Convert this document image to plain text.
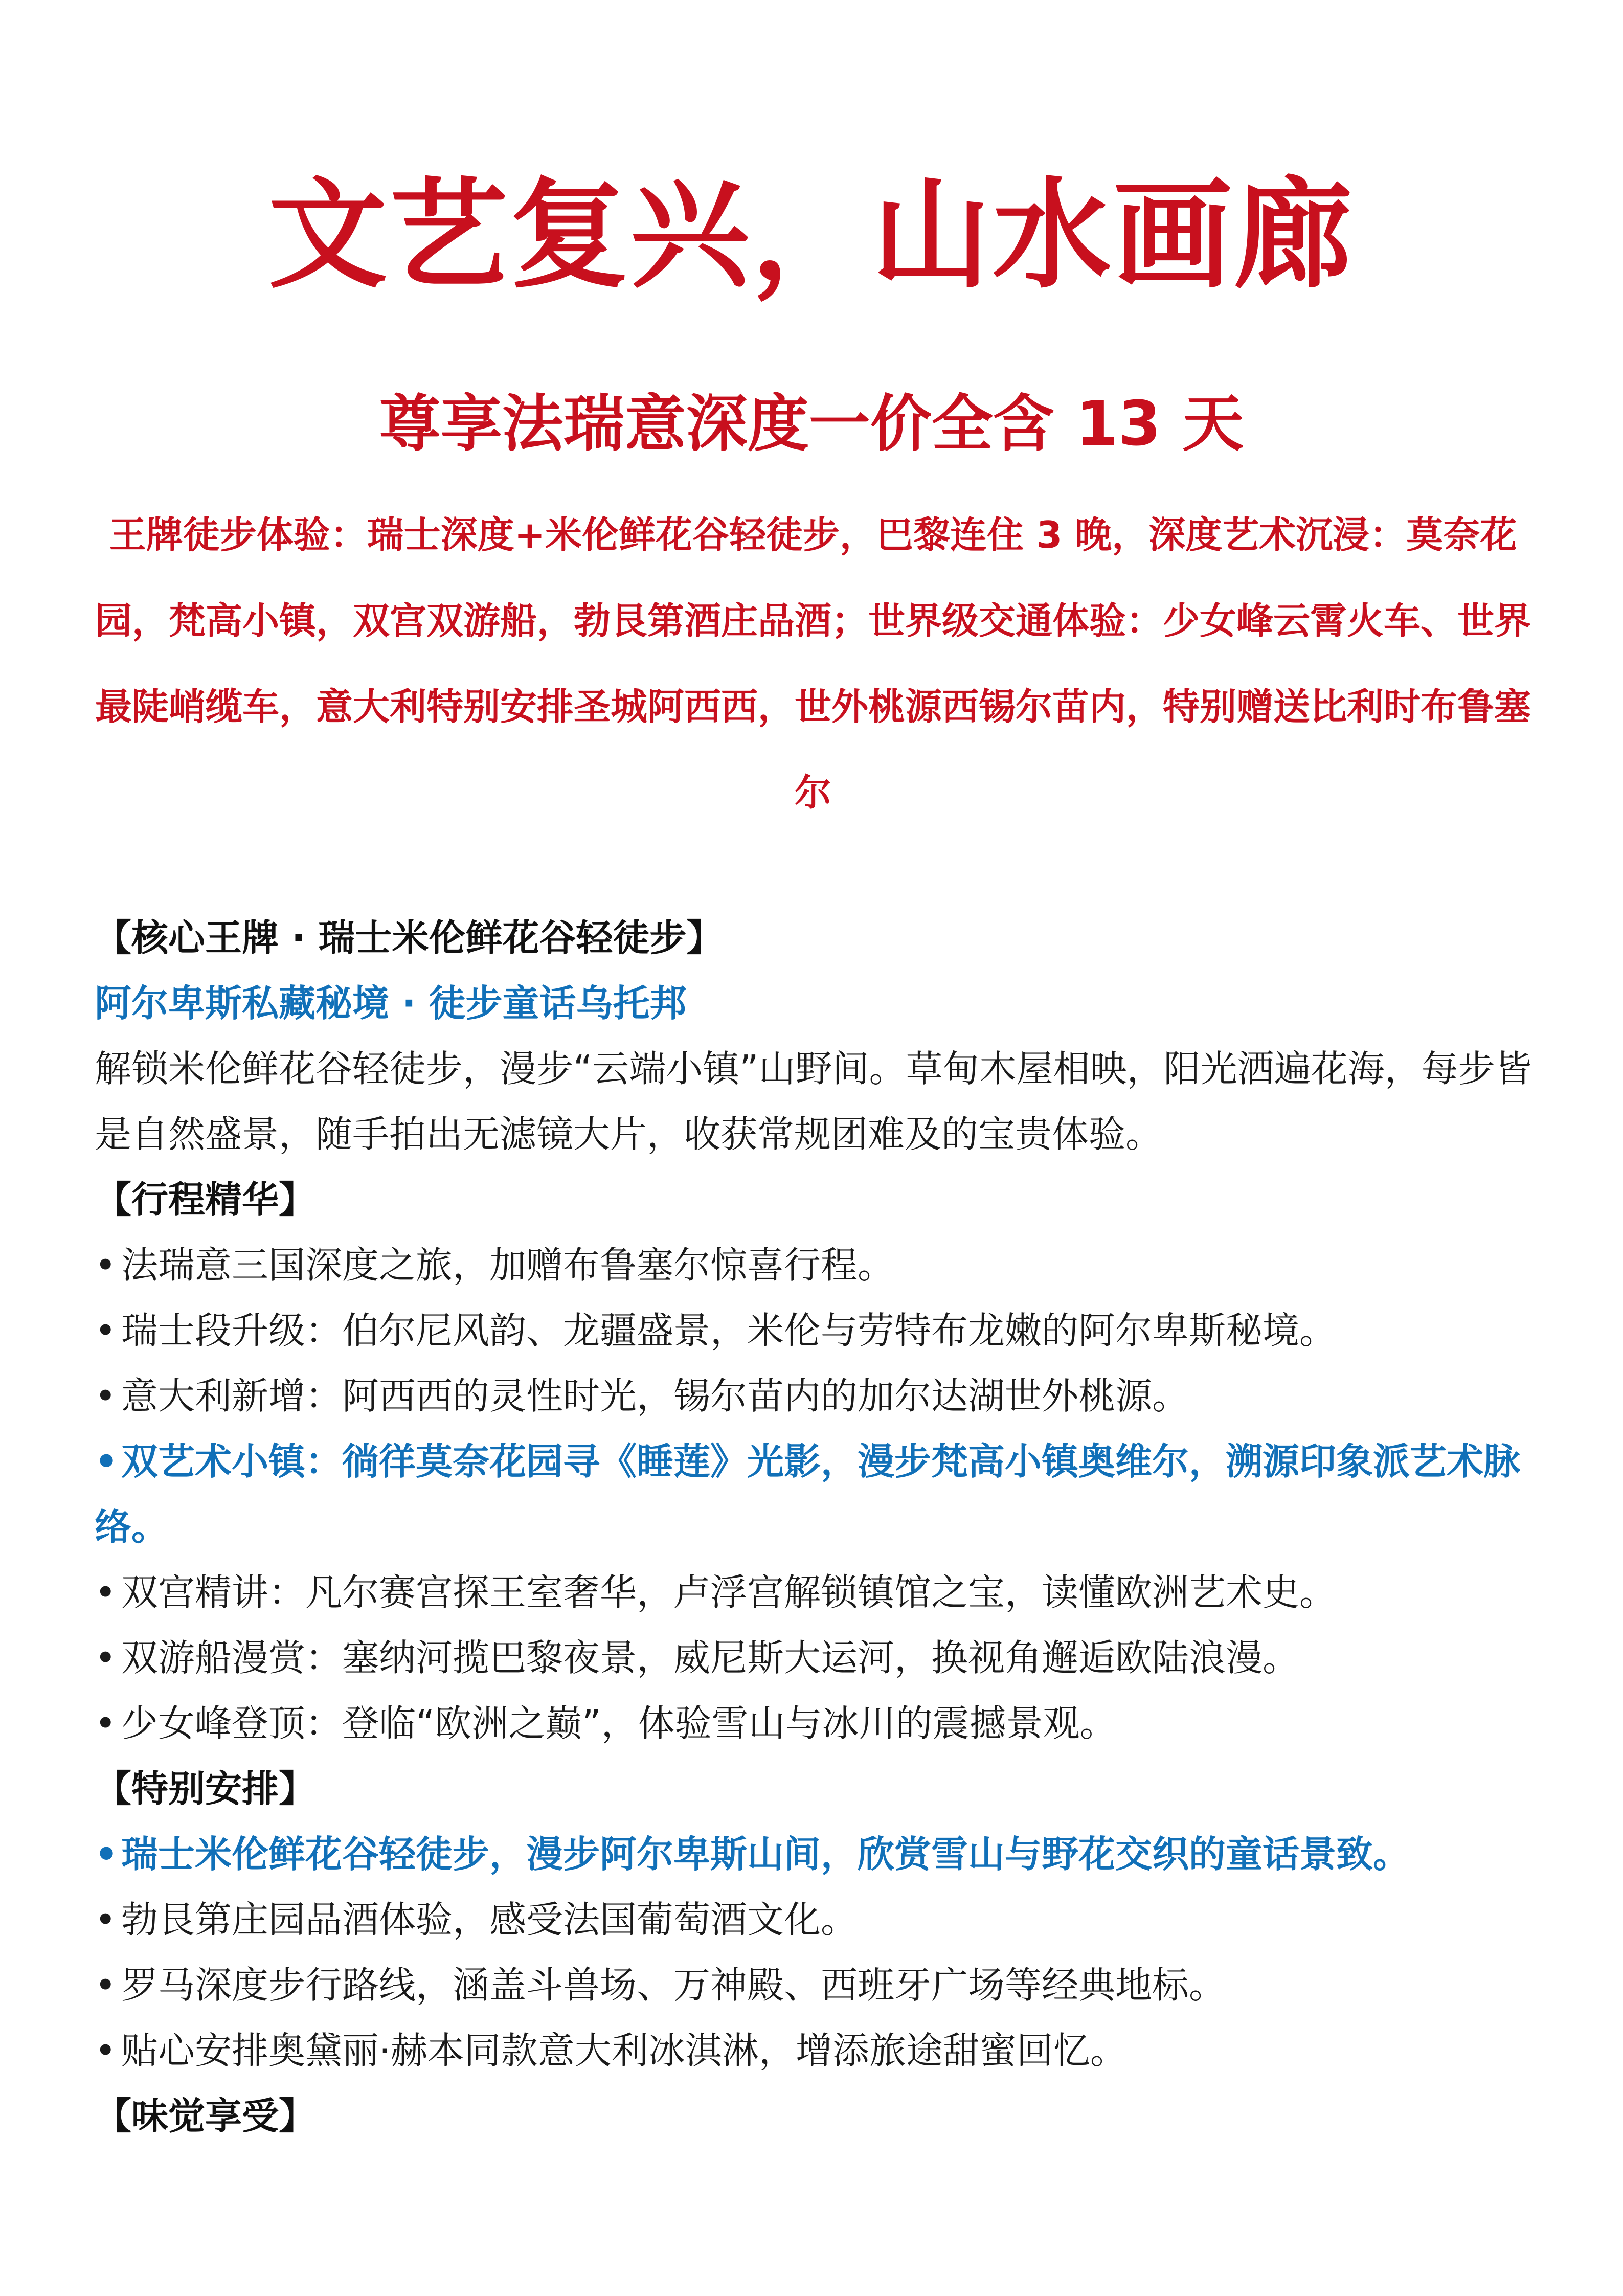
文艺复兴，山水画廊
尊享法瑞意深度一价全含 13 天

王牌徒步体验：瑞士深度+米伦鲜花谷轻徒步，巴黎连住 3 晚，深度艺术沉浸：莫奈花园，梵高小镇，双宫双游船，勃艮第酒庄品酒；世界级交通体验：少女峰云霄火车、世界最陡峭缆车，意大利特别安排圣城阿西西，世外桃源西锡尔苗内，特别赠送比利时布鲁塞尔

【核心王牌 · 瑞士米伦鲜花谷轻徒步】

阿尔卑斯私藏秘境 · 徒步童话乌托邦

解锁米伦鲜花谷轻徒步，漫步“云端小镇”山野间。草甸木屋相映，阳光洒遍花海，每步皆是自然盛景，随手拍出无滤镜大片，收获常规团难及的宝贵体验。

【行程精华】

• 法瑞意三国深度之旅，加赠布鲁塞尔惊喜行程。

• 瑞士段升级：伯尔尼风韵、龙疆盛景，米伦与劳特布龙嫩的阿尔卑斯秘境。

• 意大利新增：阿西西的灵性时光，锡尔苗内的加尔达湖世外桃源。

•双艺术小镇：徜徉莫奈花园寻《睡莲》光影，漫步梵高小镇奥维尔，溯源印象派艺术脉络。

• 双宫精讲：凡尔赛宫探王室奢华，卢浮宫解锁镇馆之宝，读懂欧洲艺术史。

• 双游船漫赏：塞纳河揽巴黎夜景，威尼斯大运河，换视角邂逅欧陆浪漫。

• 少女峰登顶：登临“欧洲之巅”，体验雪山与冰川的震撼景观。

【特别安排】

•瑞士米伦鲜花谷轻徒步，漫步阿尔卑斯山间，欣赏雪山与野花交织的童话景致。

• 勃艮第庄园品酒体验，感受法国葡萄酒文化。

• 罗马深度步行路线，涵盖斗兽场、万神殿、西班牙广场等经典地标。

• 贴心安排奥黛丽·赫本同款意大利冰淇淋，增添旅途甜蜜回忆。

【味觉享受】
